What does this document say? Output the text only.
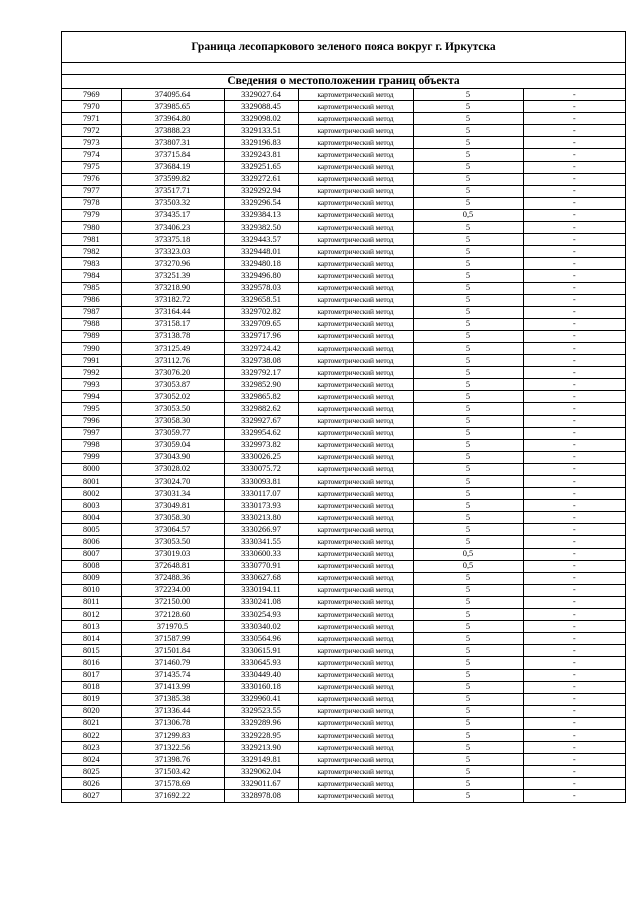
Граница лесопаркового зеленого пояса вокруг г. Иркутска
Сведения о местоположении границ объекта
7969	374095.64	3329027.64	картометрический метод	5	-
7970	373985.65	3329088.45	картометрический метод	5	-
7971	373964.80	3329098.02	картометрический метод	5	-
7972	373888.23	3329133.51	картометрический метод	5	-
7973	373807.31	3329196.83	картометрический метод	5	-
7974	373715.84	3329243.81	картометрический метод	5	-
7975	373684.19	3329251.65	картометрический метод	5	-
7976	373599.82	3329272.61	картометрический метод	5	-
7977	373517.71	3329292.94	картометрический метод	5	-
7978	373503.32	3329296.54	картометрический метод	5	-
7979	373435.17	3329384.13	картометрический метод	0,5	-
7980	373406.23	3329382.50	картометрический метод	5	-
7981	373375.18	3329443.57	картометрический метод	5	-
7982	373323.03	3329448.01	картометрический метод	5	-
7983	373270.96	3329480.18	картометрический метод	5	-
7984	373251.39	3329496.80	картометрический метод	5	-
7985	373218.90	3329578.03	картометрический метод	5	-
7986	373182.72	3329658.51	картометрический метод	5	-
7987	373164.44	3329702.82	картометрический метод	5	-
7988	373158.17	3329709.65	картометрический метод	5	-
7989	373138.78	3329717.96	картометрический метод	5	-
7990	373125.49	3329724.42	картометрический метод	5	-
7991	373112.76	3329738.08	картометрический метод	5	-
7992	373076.20	3329792.17	картометрический метод	5	-
7993	373053.87	3329852.90	картометрический метод	5	-
7994	373052.02	3329865.82	картометрический метод	5	-
7995	373053.50	3329882.62	картометрический метод	5	-
7996	373058.30	3329927.67	картометрический метод	5	-
7997	373059.77	3329954.62	картометрический метод	5	-
7998	373059.04	3329973.82	картометрический метод	5	-
7999	373043.90	3330026.25	картометрический метод	5	-
8000	373028.02	3330075.72	картометрический метод	5	-
8001	373024.70	3330093.81	картометрический метод	5	-
8002	373031.34	3330117.07	картометрический метод	5	-
8003	373049.81	3330173.93	картометрический метод	5	-
8004	373058.30	3330213.80	картометрический метод	5	-
8005	373064.57	3330266.97	картометрический метод	5	-
8006	373053.50	3330341.55	картометрический метод	5	-
8007	373019.03	3330600.33	картометрический метод	0,5	-
8008	372648.81	3330770.91	картометрический метод	0,5	-
8009	372488.36	3330627.68	картометрический метод	5	-
8010	372234.00	3330194.11	картометрический метод	5	-
8011	372150.00	3330241.08	картометрический метод	5	-
8012	372128.60	3330254.93	картометрический метод	5	-
8013	371970.5	3330340.02	картометрический метод	5	-
8014	371587.99	3330564.96	картометрический метод	5	-
8015	371501.84	3330615.91	картометрический метод	5	-
8016	371460.79	3330645.93	картометрический метод	5	-
8017	371435.74	3330449.40	картометрический метод	5	-
8018	371413.99	3330160.18	картометрический метод	5	-
8019	371385.38	3329960.41	картометрический метод	5	-
8020	371336.44	3329523.55	картометрический метод	5	-
8021	371306.78	3329289.96	картометрический метод	5	-
8022	371299.83	3329228.95	картометрический метод	5	-
8023	371322.56	3329213.90	картометрический метод	5	-
8024	371398.76	3329149.81	картометрический метод	5	-
8025	371503.42	3329062.04	картометрический метод	5	-
8026	371578.69	3329011.67	картометрический метод	5	-
8027	371692.22	3328978.08	картометрический метод	5	-
